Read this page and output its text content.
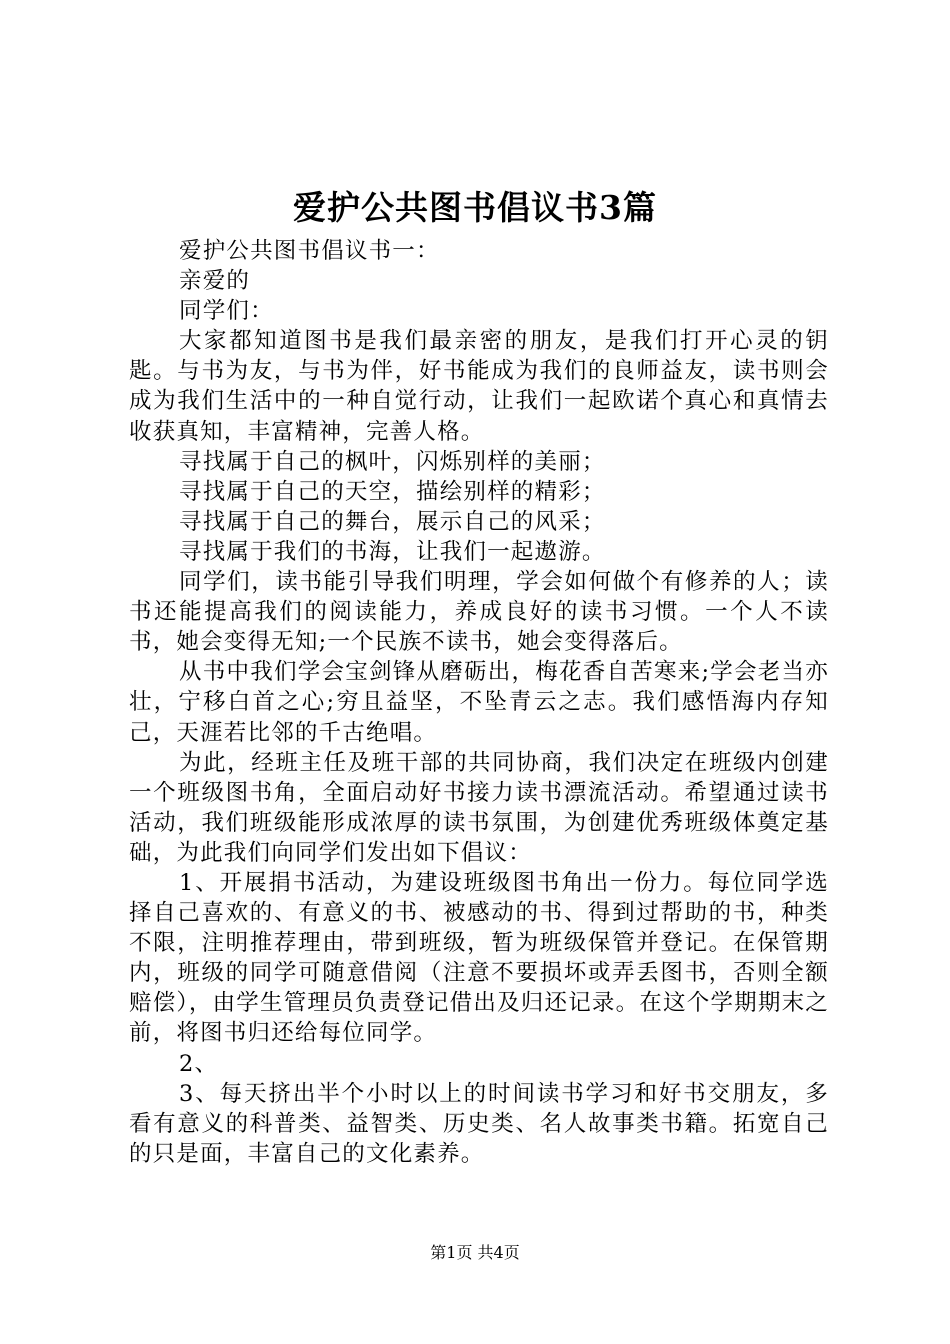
爱护公共图书倡议书3篇

爱护公共图书倡议书一：

亲爱的

同学们：

大家都知道图书是我们最亲密的朋友，是我们打开心灵的钥匙。与书为友，与书为伴，好书能成为我们的良师益友，读书则会成为我们生活中的一种自觉行动，让我们一起欧诺个真心和真情去收获真知，丰富精神，完善人格。

寻找属于自己的枫叶，闪烁别样的美丽；

寻找属于自己的天空，描绘别样的精彩；

寻找属于自己的舞台，展示自己的风采；

寻找属于我们的书海，让我们一起遨游。

同学们，读书能引导我们明理，学会如何做个有修养的人；读书还能提高我们的阅读能力，养成良好的读书习惯。一个人不读书，她会变得无知;一个民族不读书，她会变得落后。

从书中我们学会宝剑锋从磨砺出，梅花香自苦寒来;学会老当亦壮，宁移白首之心;穷且益坚，不坠青云之志。我们感悟海内存知己，天涯若比邻的千古绝唱。

为此，经班主任及班干部的共同协商，我们决定在班级内创建一个班级图书角，全面启动好书接力读书漂流活动。希望通过读书活动，我们班级能形成浓厚的读书氛围，为创建优秀班级体奠定基础，为此我们向同学们发出如下倡议：

1、开展捐书活动，为建设班级图书角出一份力。每位同学选择自己喜欢的、有意义的书、被感动的书、得到过帮助的书，种类不限，注明推荐理由，带到班级，暂为班级保管并登记。在保管期内，班级的同学可随意借阅（注意不要损坏或弄丢图书，否则全额赔偿），由学生管理员负责登记借出及归还记录。在这个学期期末之前，将图书归还给每位同学。

2、

3、每天挤出半个小时以上的时间读书学习和好书交朋友，多看有意义的科普类、益智类、历史类、名人故事类书籍。拓宽自己的只是面，丰富自己的文化素养。

第1页 共4页
